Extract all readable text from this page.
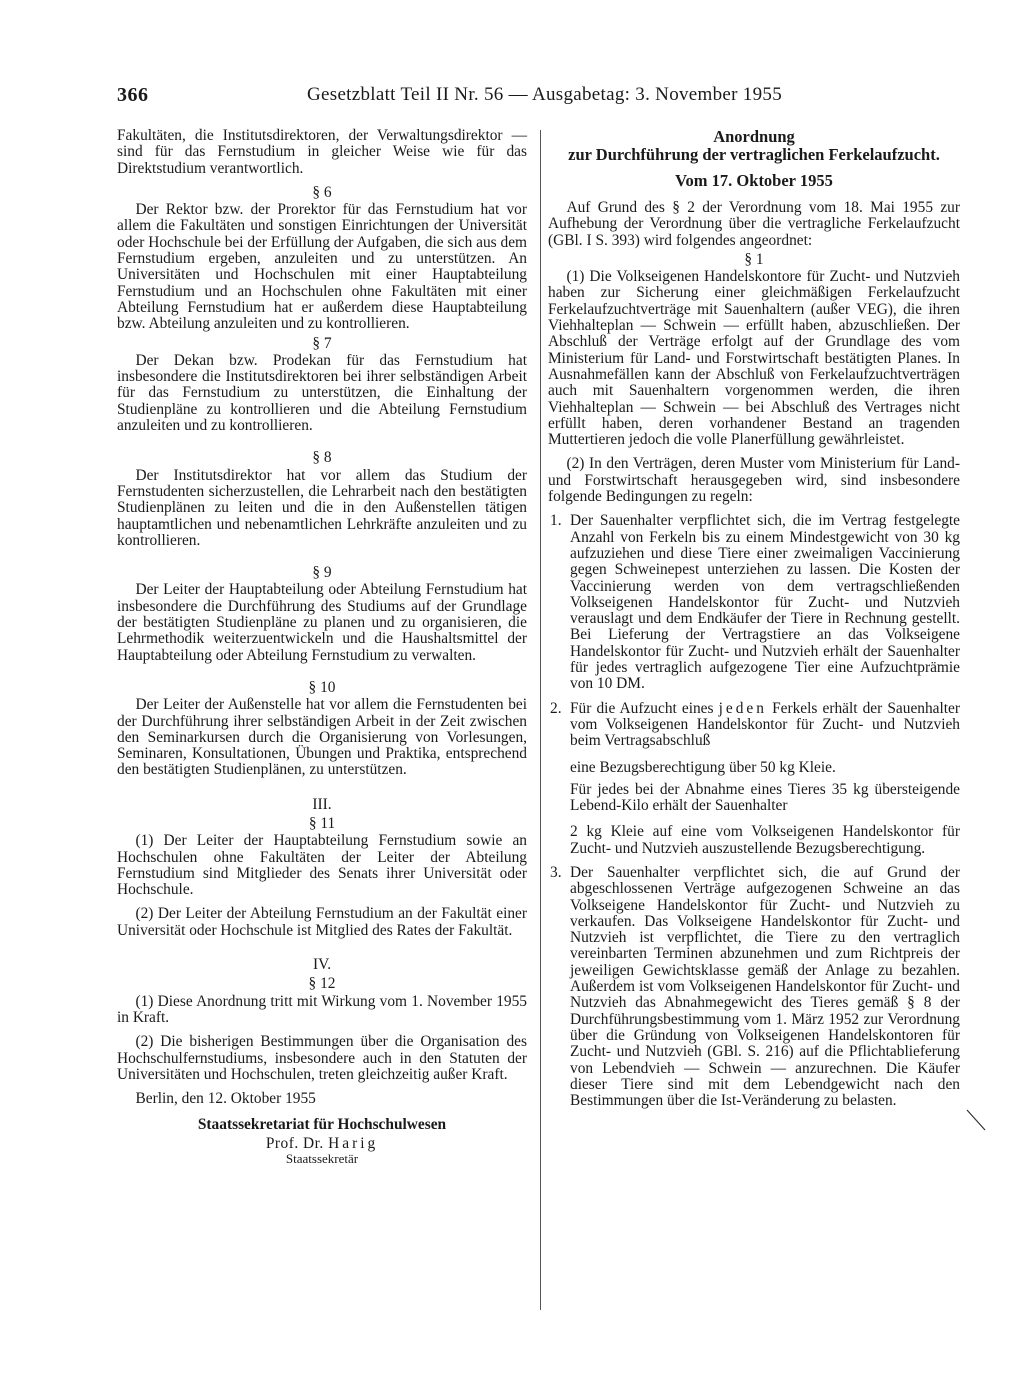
366	Gesetzblatt Teil II Nr. 56 — Ausgabetag: 3. November 1955

Fakultäten, die Institutsdirektoren, der Verwaltungsdirektor — sind für das Fernstudium in gleicher Weise wie für das Direktstudium verantwortlich.

§ 6

Der Rektor bzw. der Prorektor für das Fernstudium hat vor allem die Fakultäten und sonstigen Einrichtungen der Universität oder Hochschule bei der Erfüllung der Aufgaben, die sich aus dem Fernstudium ergeben, anzuleiten und zu unterstützen. An Universitäten und Hochschulen mit einer Hauptabteilung Fernstudium und an Hochschulen ohne Fakultäten mit einer Abteilung Fernstudium hat er außerdem diese Hauptabteilung bzw. Abteilung anzuleiten und zu kontrollieren.

§ 7

Der Dekan bzw. Prodekan für das Fernstudium hat insbesondere die Institutsdirektoren bei ihrer selbständigen Arbeit für das Fernstudium zu unterstützen, die Einhaltung der Studienpläne zu kontrollieren und die Abteilung Fernstudium anzuleiten und zu kontrollieren.

§ 8

Der Institutsdirektor hat vor allem das Studium der Fernstudenten sicherzustellen, die Lehrarbeit nach den bestätigten Studienplänen zu leiten und die in den Außenstellen tätigen hauptamtlichen und nebenamtlichen Lehrkräfte anzuleiten und zu kontrollieren.

§ 9

Der Leiter der Hauptabteilung oder Abteilung Fernstudium hat insbesondere die Durchführung des Studiums auf der Grundlage der bestätigten Studienpläne zu planen und zu organisieren, die Lehrmethodik weiterzuentwickeln und die Haushaltsmittel der Hauptabteilung oder Abteilung Fernstudium zu verwalten.

§ 10

Der Leiter der Außenstelle hat vor allem die Fernstudenten bei der Durchführung ihrer selbständigen Arbeit in der Zeit zwischen den Seminarkursen durch die Organisierung von Vorlesungen, Seminaren, Konsultationen, Übungen und Praktika, entsprechend den bestätigten Studienplänen, zu unterstützen.

III.

§ 11

(1) Der Leiter der Hauptabteilung Fernstudium sowie an Hochschulen ohne Fakultäten der Leiter der Abteilung Fernstudium sind Mitglieder des Senats ihrer Universität oder Hochschule.

(2) Der Leiter der Abteilung Fernstudium an der Fakultät einer Universität oder Hochschule ist Mitglied des Rates der Fakultät.

IV.

§ 12

(1) Diese Anordnung tritt mit Wirkung vom 1. November 1955 in Kraft.

(2) Die bisherigen Bestimmungen über die Organisation des Hochschulfernstudiums, insbesondere auch in den Statuten der Universitäten und Hochschulen, treten gleichzeitig außer Kraft.

Berlin, den 12. Oktober 1955

Staatssekretariat für Hochschulwesen

Prof. Dr. Harig

Staatssekretär

Anordnung

zur Durchführung der vertraglichen Ferkelaufzucht.

Vom 17. Oktober 1955

Auf Grund des § 2 der Verordnung vom 18. Mai 1955 zur Aufhebung der Verordnung über die vertragliche Ferkelaufzucht (GBl. I S. 393) wird folgendes angeordnet:

§ 1

(1) Die Volkseigenen Handelskontore für Zucht- und Nutzvieh haben zur Sicherung einer gleichmäßigen Ferkelaufzucht Ferkelaufzuchtverträge mit Sauenhaltern (außer VEG), die ihren Viehhalteplan — Schwein — erfüllt haben, abzuschließen. Der Abschluß der Verträge erfolgt auf der Grundlage des vom Ministerium für Land- und Forstwirtschaft bestätigten Planes. In Ausnahmefällen kann der Abschluß von Ferkelaufzuchtverträgen auch mit Sauenhaltern vorgenommen werden, die ihren Viehhalteplan — Schwein — bei Abschluß des Vertrages nicht erfüllt haben, deren vorhandener Bestand an tragenden Muttertieren jedoch die volle Planerfüllung gewährleistet.

(2) In den Verträgen, deren Muster vom Ministerium für Land- und Forstwirtschaft herausgegeben wird, sind insbesondere folgende Bedingungen zu regeln:

1. Der Sauenhalter verpflichtet sich, die im Vertrag festgelegte Anzahl von Ferkeln bis zu einem Mindestgewicht von 30 kg aufzuziehen und diese Tiere einer zweimaligen Vaccinierung gegen Schweinepest unterziehen zu lassen. Die Kosten der Vaccinierung werden von dem vertragschließenden Volkseigenen Handelskontor für Zucht- und Nutzvieh verauslagt und dem Endkäufer der Tiere in Rechnung gestellt. Bei Lieferung der Vertragstiere an das Volkseigene Handelskontor für Zucht- und Nutzvieh erhält der Sauenhalter für jedes vertraglich aufgezogene Tier eine Aufzuchtprämie von 10 DM.

2. Für die Aufzucht eines jeden Ferkels erhält der Sauenhalter vom Volkseigenen Handelskontor für Zucht- und Nutzvieh beim Vertragsabschluß

eine Bezugsberechtigung über 50 kg Kleie.

Für jedes bei der Abnahme eines Tieres 35 kg übersteigende Lebend-Kilo erhält der Sauenhalter

2 kg Kleie auf eine vom Volkseigenen Handelskontor für Zucht- und Nutzvieh auszustellende Bezugsberechtigung.

3. Der Sauenhalter verpflichtet sich, die auf Grund der abgeschlossenen Verträge aufgezogenen Schweine an das Volkseigene Handelskontor für Zucht- und Nutzvieh zu verkaufen. Das Volkseigene Handelskontor für Zucht- und Nutzvieh ist verpflichtet, die Tiere zu den vertraglich vereinbarten Terminen abzunehmen und zum Richtpreis der jeweiligen Gewichtsklasse gemäß der Anlage zu bezahlen. Außerdem ist vom Volkseigenen Handelskontor für Zucht- und Nutzvieh das Abnahmegewicht des Tieres gemäß § 8 der Durchführungsbestimmung vom 1. März 1952 zur Verordnung über die Gründung von Volkseigenen Handelskontoren für Zucht- und Nutzvieh (GBl. S. 216) auf die Pflichtablieferung von Lebendvieh — Schwein — anzurechnen. Die Käufer dieser Tiere sind mit dem Lebendgewicht nach den Bestimmungen über die Ist-Veränderung zu belasten.
